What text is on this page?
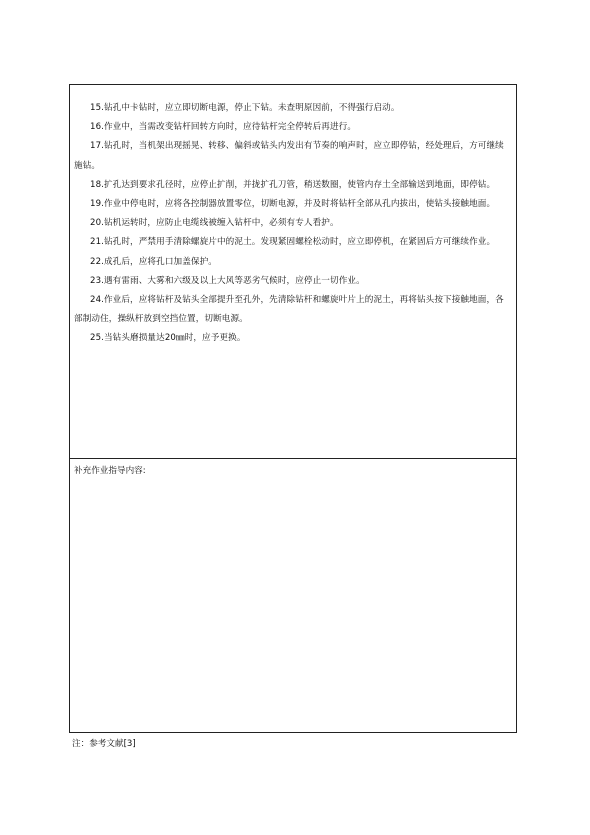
15.钻孔中卡钻时，应立即切断电源，停止下钻。未查明原因前，不得强行启动。

16.作业中，当需改变钻杆回转方向时，应待钻杆完全停转后再进行。

17.钻孔时，当机架出现摇晃、转移、偏斜或钻头内发出有节奏的响声时，应立即停钻，经处理后，方可继续施钻。

18.扩孔达到要求孔径时，应停止扩削，并拢扩孔刀管，稍送数圈，使管内存土全部输送到地面，即停钻。

19.作业中停电时，应将各控制器放置零位，切断电源，并及时将钻杆全部从孔内拔出，使钻头接触地面。

20.钻机运转时，应防止电缆线被缠入钻杆中，必须有专人看护。

21.钻孔时，严禁用手清除螺旋片中的泥土。发现紧固螺栓松动时，应立即停机，在紧固后方可继续作业。

22.成孔后，应将孔口加盖保护。

23.遇有雷雨、大雾和六级及以上大风等恶劣气候时，应停止一切作业。

24.作业后，应将钻杆及钻头全部提升至孔外，先清除钻杆和螺旋叶片上的泥土，再将钻头按下接触地面，各部制动住，操纵杆放到空挡位置，切断电源。

25.当钻头磨损量达20㎜时，应予更换。

补充作业指导内容:
注：参考文献[3]
